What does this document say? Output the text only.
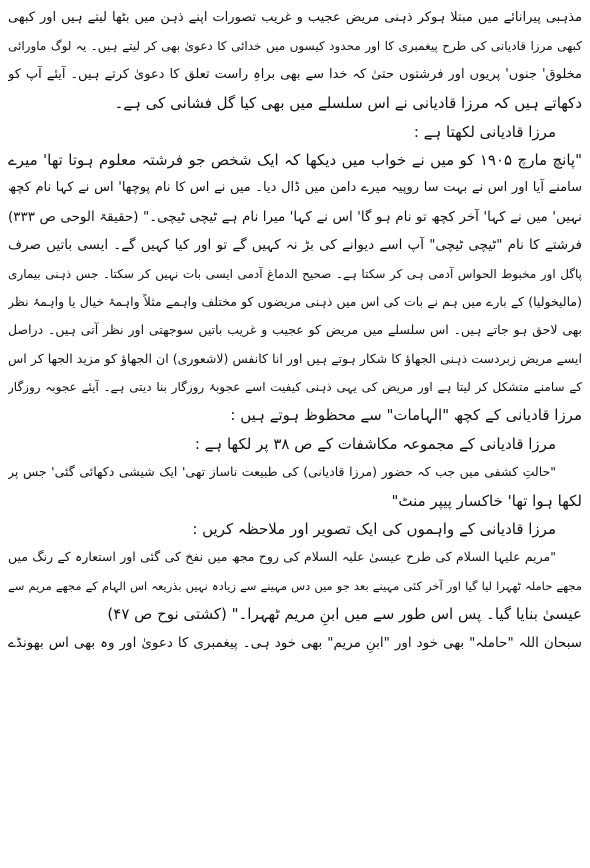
مذہبی پیرانائے میں مبتلا ہوکر ذہنی مریض عجیب و غریب تصورات اپنے ذہن میں بٹھا لیتے ہیں اور کبھی
کبھی مرزا قادیانی کی طرح پیغمبری کا اور محدود کیسوں میں خدائی کا دعویٰ بھی کر لیتے ہیں۔ یہ لوگ ماورائی
مخلوق' جنوں' پریوں اور فرشتوں حتیٰ کہ خدا سے بھی براہِ راست تعلق کا دعویٰ کرتے ہیں۔ آیئے آپ کو
دکھاتے ہیں کہ مرزا قادیانی نے اس سلسلے میں بھی کیا گل فشانی کی ہے۔
مرزا قادیانی لکھتا ہے :
"پانچ مارچ ۱۹۰۵ کو میں نے خواب میں دیکھا کہ ایک شخص جو فرشتہ معلوم ہوتا تھا' میرے
سامنے آیا اور اس نے بہت سا روپیہ میرے دامن میں ڈال دیا۔ میں نے اس کا نام پوچھا' اس نے کہا نام کچھ
نہیں' میں نے کہا' آخر کچھ تو نام ہو گا' اس نے کہا' میرا نام ہے ٹیچی ٹیچی۔" (حقیقۃ الوحی ص ۳۳۳)
فرشتے کا نام "ٹیچی ٹیچی" آپ اسے دیوانے کی بڑ نہ کہیں گے تو اور کیا کہیں گے۔ ایسی باتیں صرف
پاگل اور مخبوط الحواس آدمی ہی کر سکتا ہے۔ صحیح الدماغ آدمی ایسی بات نہیں کر سکتا۔ جس ذہنی بیماری
(مالیخولیا) کے بارے میں ہم نے بات کی اس میں ذہنی مریضوں کو مختلف واہمے مثلاً واہمۂ خیال یا واہمۂ نظر
بھی لاحق ہو جاتے ہیں۔ اس سلسلے میں مریض کو عجیب و غریب باتیں سوجھتی اور نظر آتی ہیں۔ دراصل
ایسے مریض زبردست ذہنی الجھاؤ کا شکار ہوتے ہیں اور انا کانفس (لاشعوری) ان الجھاؤ کو مزید الجھا کر اس
کے سامنے متشکل کر لیتا ہے اور مریض کی یہی ذہنی کیفیت اسے عجوبۂ روزگار بنا دیتی ہے۔ آیئے عجوبہ روزگار
مرزا قادیانی کے کچھ "الہامات" سے محظوظ ہوتے ہیں :
مرزا قادیانی کے مجموعہ مکاشفات کے ص ۳۸ پر لکھا ہے :
"حالتِ کشفی میں جب کہ حضور (مرزا قادیانی) کی طبیعت ناساز تھی' ایک شیشی دکھائی گئی' جس پر
لکھا ہوا تھا' خاکسار پیپر منٹ"
مرزا قادیانی کے واہموں کی ایک تصویر اور ملاحظہ کریں :
"مریم علیہا السلام کی طرح عیسیٰ علیہ السلام کی روح مجھ میں نفخ کی گئی اور استعارہ کے رنگ میں
مجھے حاملہ ٹھہرا لیا گیا اور آخر کئی مہینے بعد جو میں دس مہینے سے زیادہ نہیں بذریعہ اس الہام کے مجھے مریم سے
عیسیٰ بنایا گیا۔ پس اس طور سے میں ابنِ مریم ٹھہرا۔" (کشتی نوح ص ۴۷)
سبحان اللہ "حاملہ" بھی خود اور "ابنِ مریم" بھی خود ہی۔ پیغمبری کا دعویٰ اور وہ بھی اس بھونڈے
